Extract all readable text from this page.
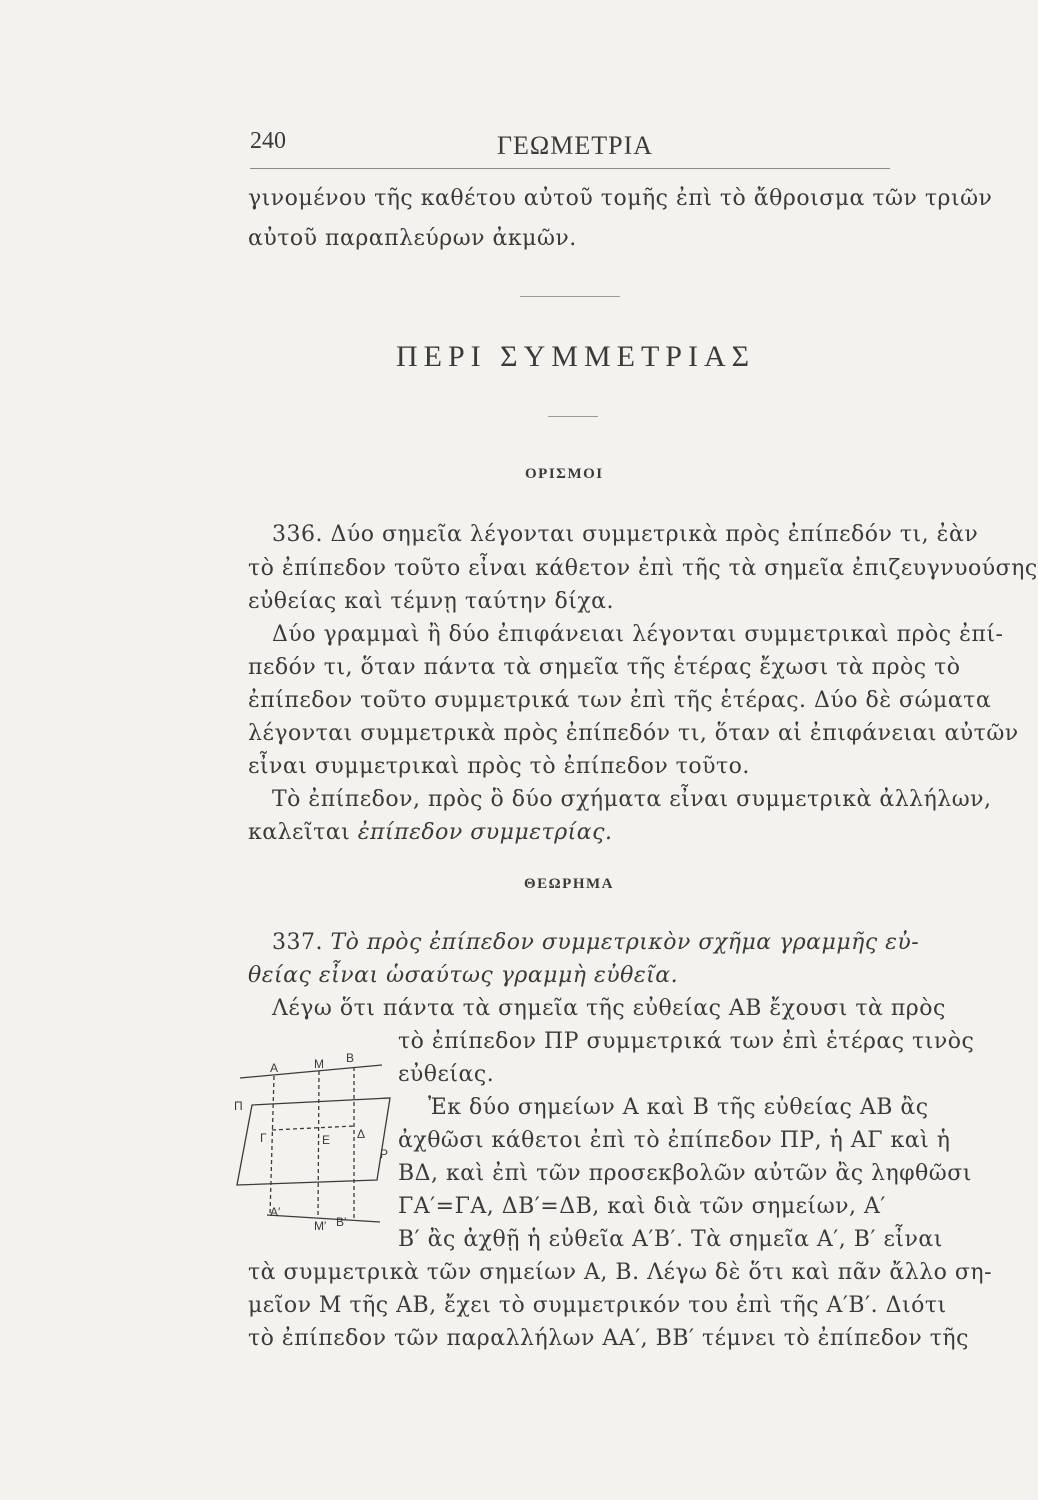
240	ΓΕΩΜΕΤΡΙΑ
γινομένου τῆς καθέτου αὐτοῦ τομῆς ἐπὶ τὸ ἄθροισμα τῶν τριῶν
αὐτοῦ παραπλεύρων ἀκμῶν.
ΠΕΡΙ ΣΥΜΜΕΤΡΙΑΣ
ΟΡΙΣΜΟΙ
336. Δύο σημεῖα λέγονται συμμετρικὰ πρὸς ἐπίπεδόν τι, ἐὰν
τὸ ἐπίπεδον τοῦτο εἶναι κάθετον ἐπὶ τῆς τὰ σημεῖα ἐπιζευγνυούσης
εὐθείας καὶ τέμνῃ ταύτην δίχα.
Δύο γραμμαὶ ἢ δύο ἐπιφάνειαι λέγονται συμμετρικαὶ πρὸς ἐπί-
πεδόν τι, ὅταν πάντα τὰ σημεῖα τῆς ἑτέρας ἔχωσι τὰ πρὸς τὸ
ἐπίπεδον τοῦτο συμμετρικά των ἐπὶ τῆς ἑτέρας. Δύο δὲ σώματα
λέγονται συμμετρικὰ πρὸς ἐπίπεδόν τι, ὅταν αἱ ἐπιφάνειαι αὐτῶν
εἶναι συμμετρικαὶ πρὸς τὸ ἐπίπεδον τοῦτο.
Τὸ ἐπίπεδον, πρὸς ὃ δύο σχήματα εἶναι συμμετρικὰ ἀλλήλων,
καλεῖται ἐπίπεδον συμμετρίας.
ΘΕΩΡΗΜΑ
337. Τὸ πρὸς ἐπίπεδον συμμετρικὸν σχῆμα γραμμῆς εὐ-
θείας εἶναι ὡσαύτως γραμμὴ εὐθεῖα.
Λέγω ὅτι πάντα τὰ σημεῖα τῆς εὐθείας ΑΒ ἔχουσι τὰ πρὸς
τὸ ἐπίπεδον ΠΡ συμμετρικά των ἐπὶ ἑτέρας τινὸς
εὐθείας.
Ἐκ δύο σημείων Α καὶ Β τῆς εὐθείας ΑΒ ἂς
ἀχθῶσι κάθετοι ἐπὶ τὸ ἐπίπεδον ΠΡ, ἡ ΑΓ καὶ ἡ
ΒΔ, καὶ ἐπὶ τῶν προσεκβολῶν αὐτῶν ἂς ληφθῶσι
ΓΑ′=ΓΑ, ΔΒ′=ΔΒ, καὶ διὰ τῶν σημείων, Α′
Β′ ἂς ἀχθῇ ἡ εὐθεῖα Α′Β′. Τὰ σημεῖα Α′, Β′ εἶναι
τὰ συμμετρικὰ τῶν σημείων Α, Β. Λέγω δὲ ὅτι καὶ πᾶν ἄλλο ση-
μεῖον Μ τῆς ΑΒ, ἔχει τὸ συμμετρικόν του ἐπὶ τῆς Α′Β′. Διότι
τὸ ἐπίπεδον τῶν παραλλήλων ΑΑ′, ΒΒ′ τέμνει τὸ ἐπίπεδον τῆς
A	M B
Π
Γ	E Δ
P
A′
M′ B′
